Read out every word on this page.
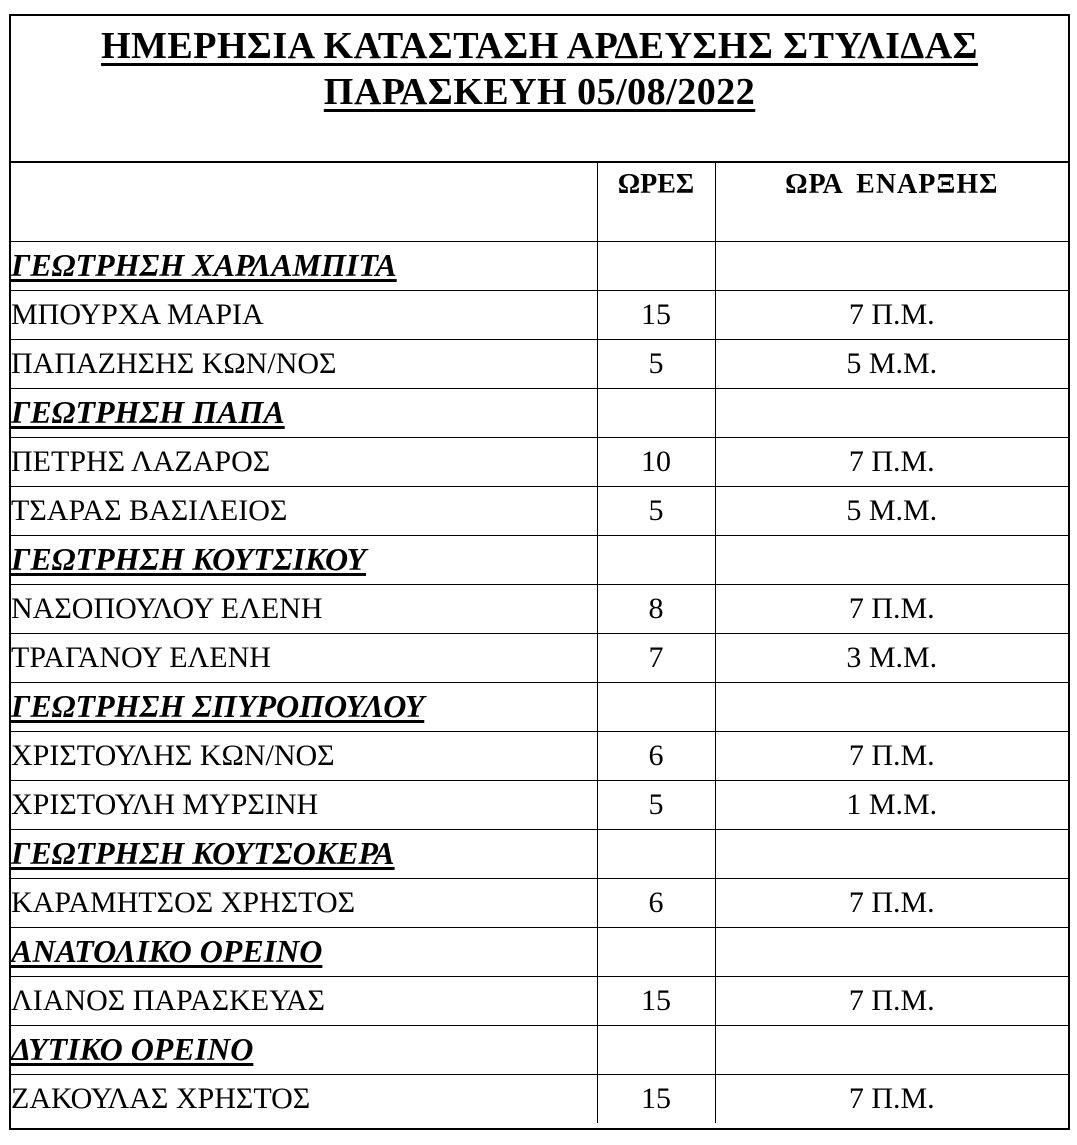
ΗΜΕΡΗΣΙΑ ΚΑΤΑΣΤΑΣΗ ΑΡΔΕΥΣΗΣ ΣΤΥΛΙΔΑΣ
ΠΑΡΑΣΚΕΥΗ 05/08/2022
	ΩΡΕΣ	ΩΡΑ ΕΝΑΡΞΗΣ
ΓΕΩΤΡΗΣΗ ΧΑΡΛΑΜΠΙΤΑ		
ΜΠΟΥΡΧΑ ΜΑΡΙΑ	15	7 Π.Μ.
ΠΑΠΑΖΗΣΗΣ ΚΩΝ/ΝΟΣ	5	5 Μ.Μ.
ΓΕΩΤΡΗΣΗ ΠΑΠΑ		
ΠΕΤΡΗΣ ΛΑΖΑΡΟΣ	10	7 Π.Μ.
ΤΣΑΡΑΣ ΒΑΣΙΛΕΙΟΣ	5	5 Μ.Μ.
ΓΕΩΤΡΗΣΗ ΚΟΥΤΣΙΚΟΥ		
ΝΑΣΟΠΟΥΛΟΥ ΕΛΕΝΗ	8	7 Π.Μ.
ΤΡΑΓΑΝΟΥ ΕΛΕΝΗ	7	3 Μ.Μ.
ΓΕΩΤΡΗΣΗ ΣΠΥΡΟΠΟΥΛΟΥ		
ΧΡΙΣΤΟΥΛΗΣ ΚΩΝ/ΝΟΣ	6	7 Π.Μ.
ΧΡΙΣΤΟΥΛΗ ΜΥΡΣΙΝΗ	5	1 Μ.Μ.
ΓΕΩΤΡΗΣΗ ΚΟΥΤΣΟΚΕΡΑ		
ΚΑΡΑΜΗΤΣΟΣ ΧΡΗΣΤΟΣ	6	7 Π.Μ.
ΑΝΑΤΟΛΙΚΟ ΟΡΕΙΝΟ		
ΛΙΑΝΟΣ ΠΑΡΑΣΚΕΥΑΣ	15	7 Π.Μ.
ΔΥΤΙΚΟ ΟΡΕΙΝΟ		
ΖΑΚΟΥΛΑΣ ΧΡΗΣΤΟΣ	15	7 Π.Μ.
